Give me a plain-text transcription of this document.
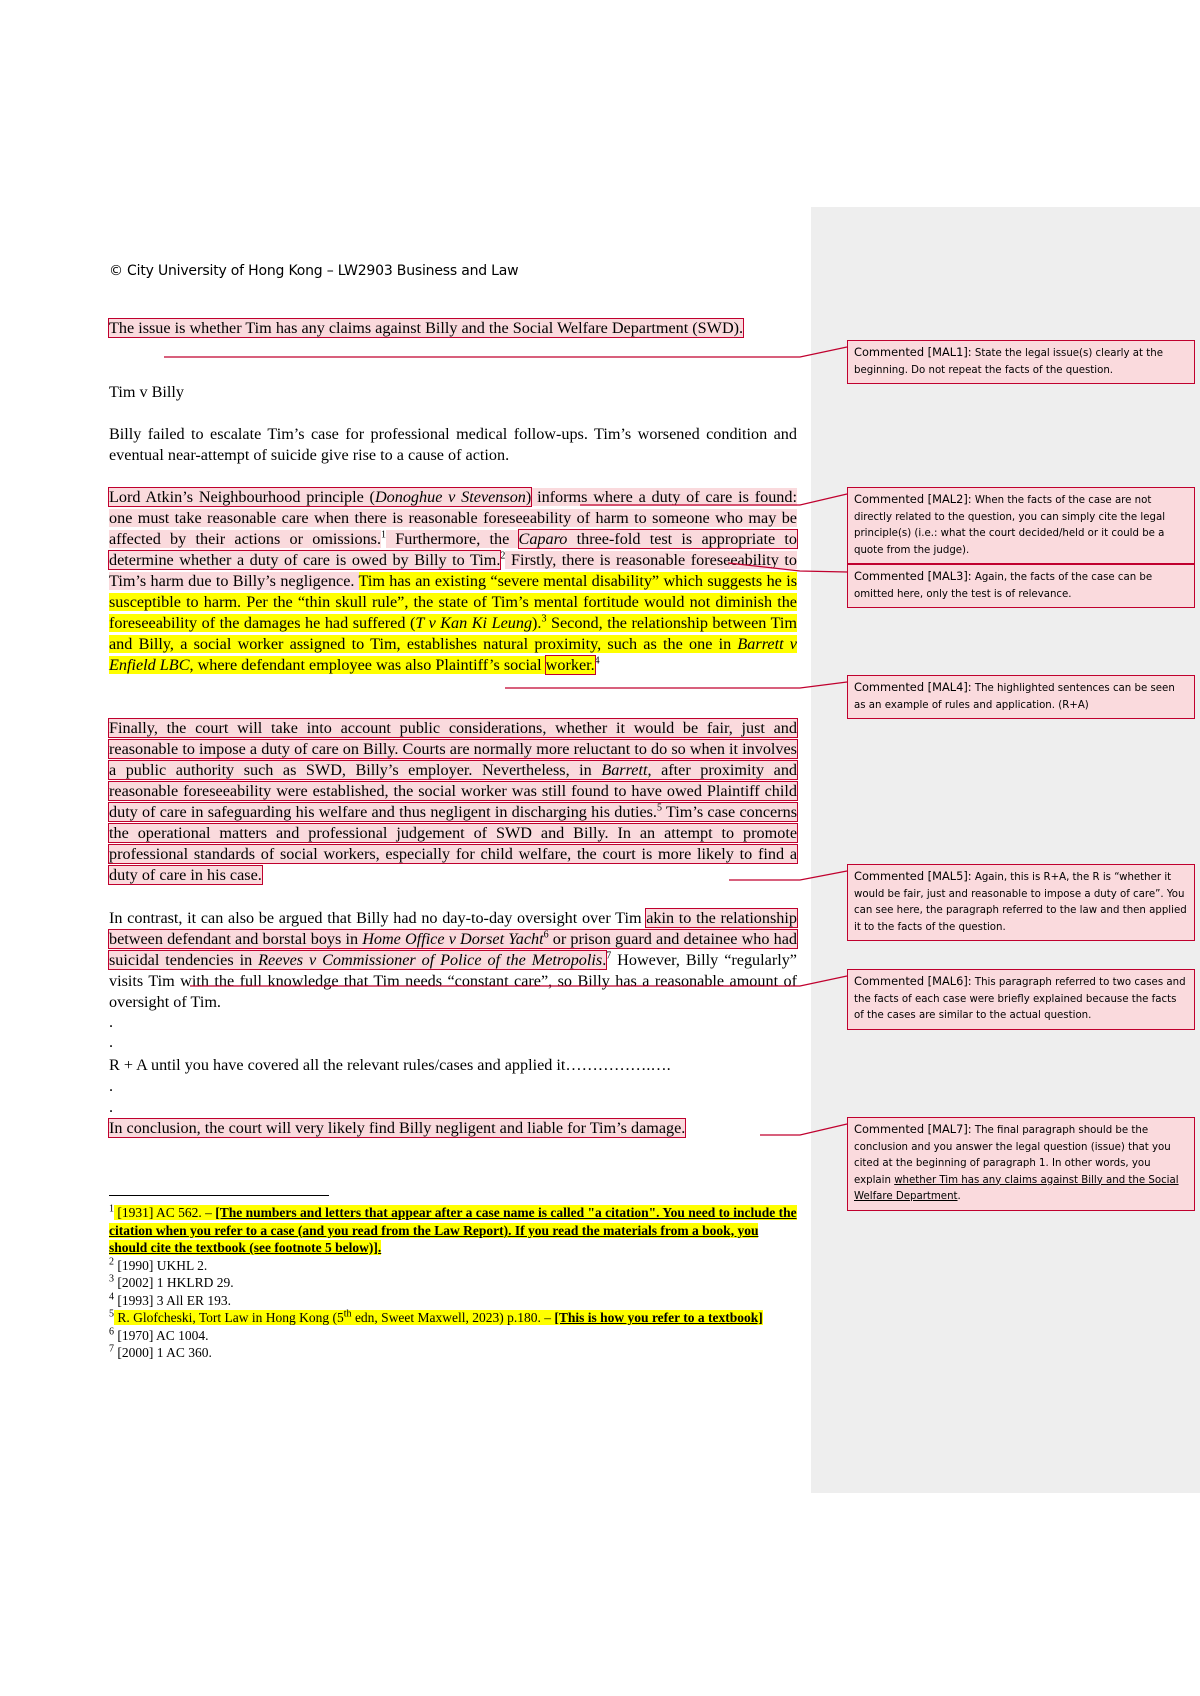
© City University of Hong Kong – LW2903 Business and Law

The issue is whether Tim has any claims against Billy and the Social Welfare Department (SWD).

Tim v Billy

Billy failed to escalate Tim’s case for professional medical follow-ups. Tim’s worsened condition and eventual near-attempt of suicide give rise to a cause of action.

Lord Atkin’s Neighbourhood principle (Donoghue v Stevenson) informs where a duty of care is found: one must take reasonable care when there is reasonable foreseeability of harm to someone who may be affected by their actions or omissions.$^1$ Furthermore, the Caparo three-fold test is appropriate to determine whether a duty of care is owed by Billy to Tim.$^2$ Firstly, there is reasonable foreseeability to Tim’s harm due to Billy’s negligence. Tim has an existing “severe mental disability” which suggests he is susceptible to harm. Per the “thin skull rule”, the state of Tim’s mental fortitude would not diminish the foreseeability of the damages he had suffered (T v Kan Ki Leung).$^3$ Second, the relationship between Tim and Billy, a social worker assigned to Tim, establishes natural proximity, such as the one in Barrett v Enfield LBC, where defendant employee was also Plaintiff’s social worker.$^4$

Finally, the court will take into account public considerations, whether it would be fair, just and reasonable to impose a duty of care on Billy. Courts are normally more reluctant to do so when it involves a public authority such as SWD, Billy’s employer. Nevertheless, in Barrett, after proximity and reasonable foreseeability were established, the social worker was still found to have owed Plaintiff child duty of care in safeguarding his welfare and thus negligent in discharging his duties.$^5$ Tim’s case concerns the operational matters and professional judgement of SWD and Billy. In an attempt to promote professional standards of social workers, especially for child welfare, the court is more likely to find a duty of care in his case.

In contrast, it can also be argued that Billy had no day-to-day oversight over Tim akin to the relationship between defendant and borstal boys in Home Office v Dorset Yacht$^6$ or prison guard and detainee who had suicidal tendencies in Reeves v Commissioner of Police of the Metropolis.$^7$ However, Billy “regularly” visits Tim with the full knowledge that Tim needs “constant care”, so Billy has a reasonable amount of oversight of Tim.

.

.

R + A until you have covered all the relevant rules/cases and applied it…………….….

.

.

In conclusion, the court will very likely find Billy negligent and liable for Tim’s damage.

$^1$ [1931] AC 562. – [The numbers and letters that appear after a case name is called "a citation". You need to include the citation when you refer to a case (and you read from the Law Report). If you read the materials from a book, you should cite the textbook (see footnote 5 below)].

$^2$ [1990] UKHL 2.

$^3$ [2002] 1 HKLRD 29.

$^4$ [1993] 3 All ER 193.

$^5$ R. Glofcheski, Tort Law in Hong Kong (5th edn, Sweet Maxwell, 2023) p.180. – [This is how you refer to a textbook]

$^6$ [1970] AC 1004.

$^7$ [2000] 1 AC 360.

Commented [MAL1]: State the legal issue(s) clearly at the beginning. Do not repeat the facts of the question.
Commented [MAL2]: When the facts of the case are not directly related to the question, you can simply cite the legal principle(s) (i.e.: what the court decided/held or it could be a quote from the judge).
Commented [MAL3]: Again, the facts of the case can be omitted here, only the test is of relevance.
Commented [MAL4]: The highlighted sentences can be seen as an example of rules and application. (R+A)
Commented [MAL5]: Again, this is R+A, the R is “whether it would be fair, just and reasonable to impose a duty of care”. You can see here, the paragraph referred to the law and then applied it to the facts of the question.
Commented [MAL6]: This paragraph referred to two cases and the facts of each case were briefly explained because the facts of the cases are similar to the actual question.
Commented [MAL7]: The final paragraph should be the conclusion and you answer the legal question (issue) that you cited at the beginning of paragraph 1. In other words, you explain whether Tim has any claims against Billy and the Social Welfare Department.
